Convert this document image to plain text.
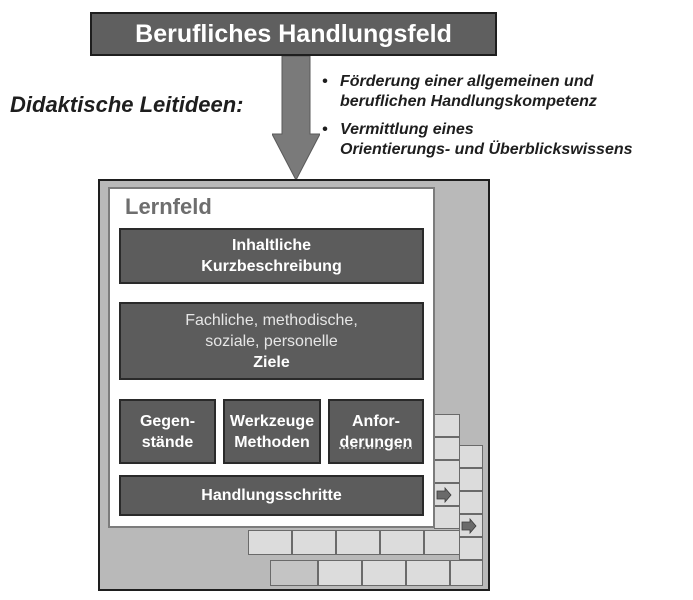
Berufliches Handlungsfeld
Didaktische Leitideen:
• Förderung einer allgemeinen und
beruflichen Handlungskompetenz
• Vermittlung eines
Orientierungs- und Überblickswissens
Lernfeld
Inhaltliche
Kurzbeschreibung
Fachliche, methodische,
soziale, personelle
Ziele
Gegen-
stände
Werkzeuge
Methoden
Anfor-
derungen
Handlungsschritte
